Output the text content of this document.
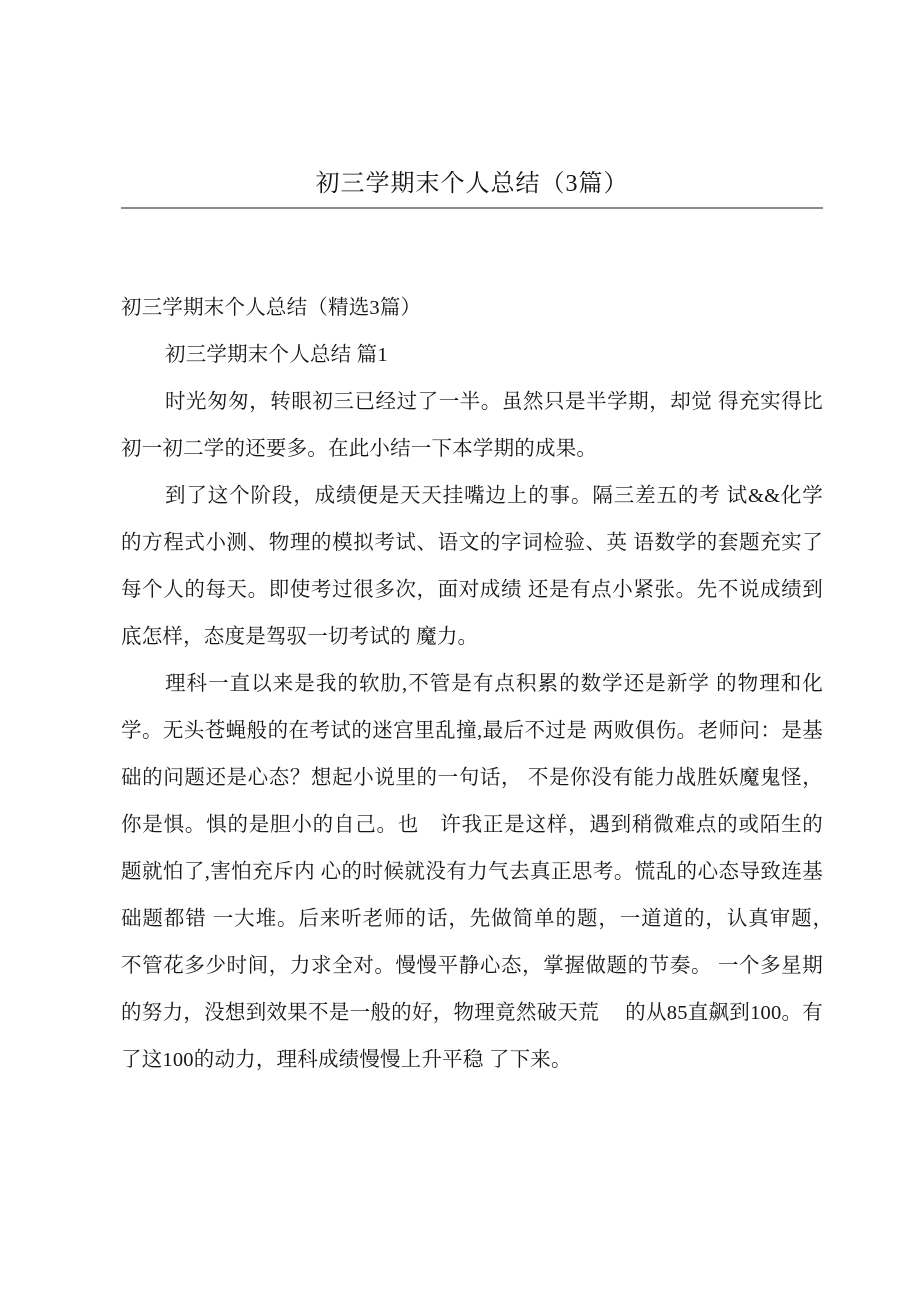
初三学期末个人总结（3篇）

初三学期末个人总结（精选3篇）

初三学期末个人总结 篇1

时光匆匆，转眼初三已经过了一半。虽然只是半学期，却觉 得充实得比初一初二学的还要多。在此小结一下本学期的成果。

到了这个阶段，成绩便是天天挂嘴边上的事。隔三差五的考 试&&化学的方程式小测、物理的模拟考试、语文的字词检验、英 语数学的套题充实了每个人的每天。即使考过很多次，面对成绩 还是有点小紧张。先不说成绩到底怎样，态度是驾驭一切考试的 魔力。

理科一直以来是我的软肋,不管是有点积累的数学还是新学 的物理和化学。无头苍蝇般的在考试的迷宫里乱撞,最后不过是 两败俱伤。老师问：是基础的问题还是心态？想起小说里的一句话， 不是你没有能力战胜妖魔鬼怪，你是惧。惧的是胆小的自己。也　许我正是这样，遇到稍微难点的或陌生的题就怕了,害怕充斥内 心的时候就没有力气去真正思考。慌乱的心态导致连基础题都错 一大堆。后来听老师的话，先做简单的题，一道道的，认真审题，　 不管花多少时间，力求全对。慢慢平静心态，掌握做题的节奏。 一个多星期的努力，没想到效果不是一般的好，物理竟然破天荒　 的从85直飙到100。有了这100的动力，理科成绩慢慢上升平稳 了下来。
